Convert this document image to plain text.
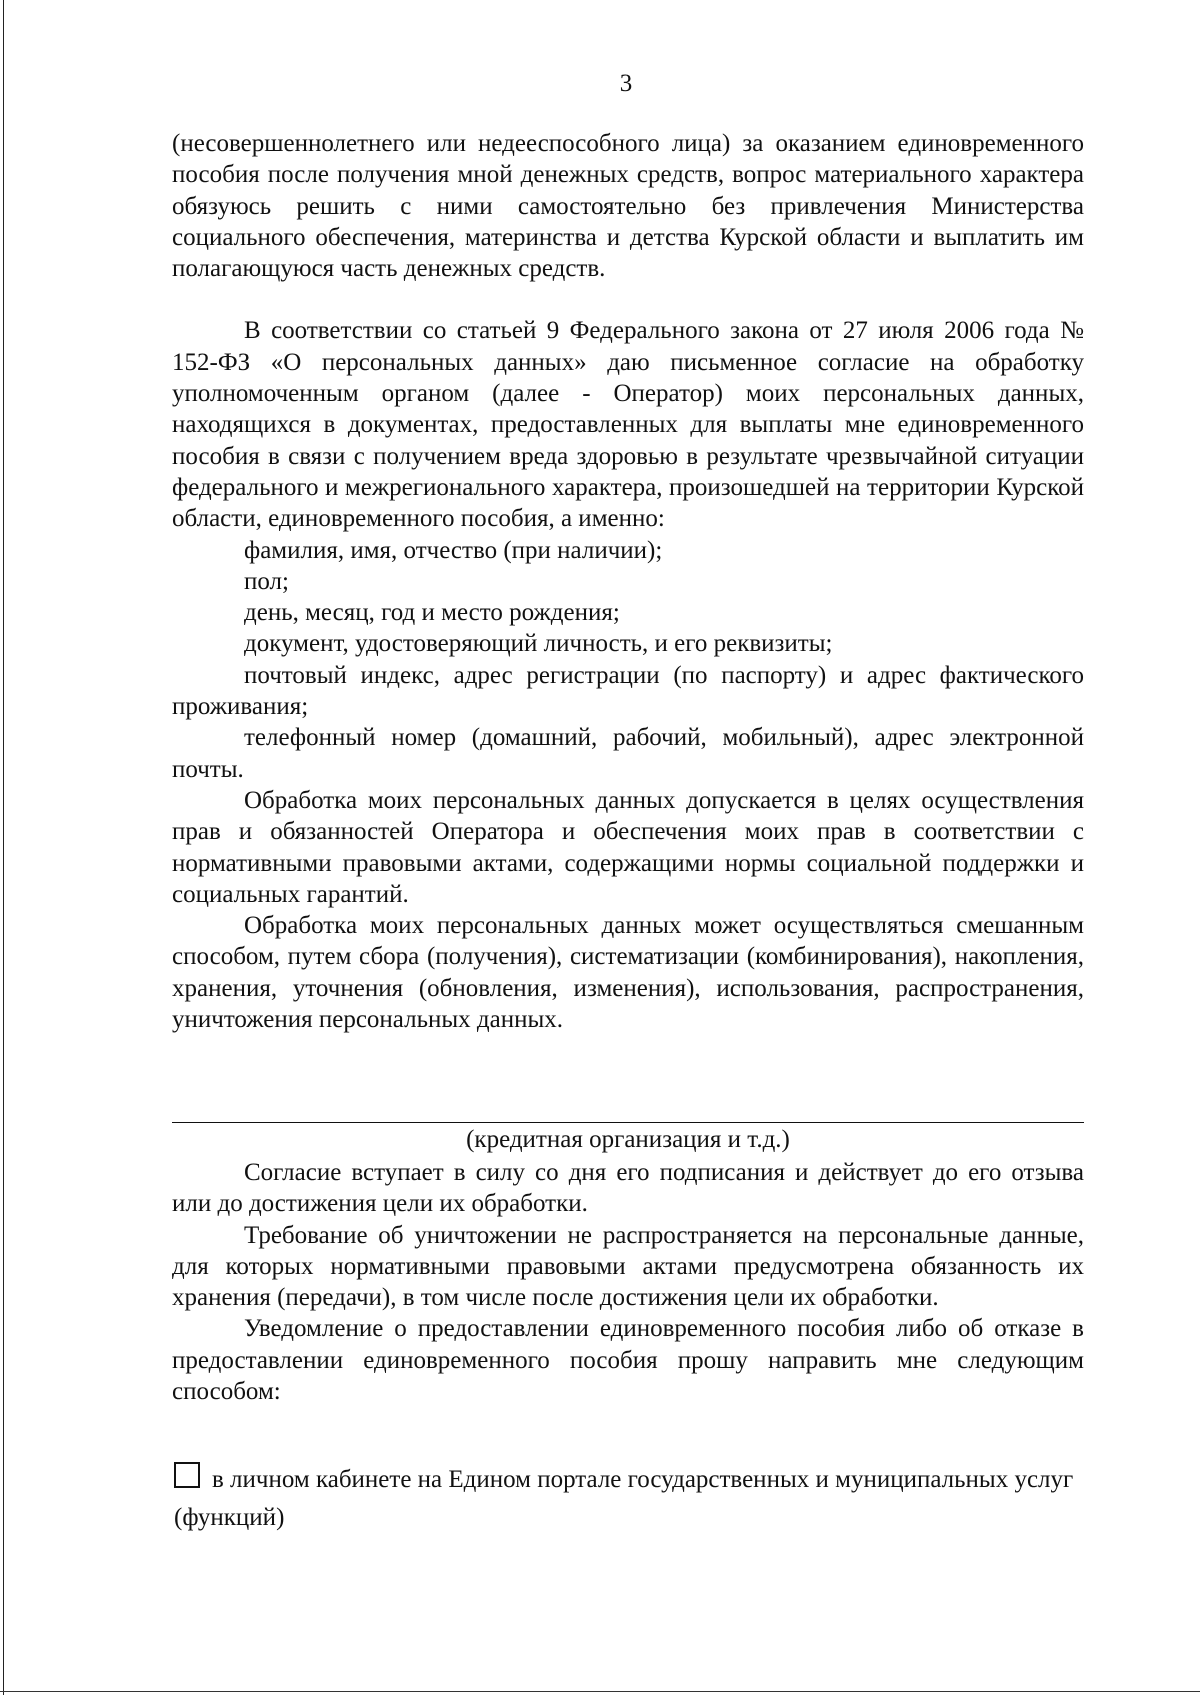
3

(несовершеннолетнего или недееспособного лица) за оказанием единовременного пособия после получения мной денежных средств, вопрос материального характера обязуюсь решить с ними самостоятельно без привлечения Министерства социального обеспечения, материнства и детства Курской области и выплатить им полагающуюся часть денежных средств.

В соответствии со статьей 9 Федерального закона от 27 июля 2006 года № 152-ФЗ «О персональных данных» даю письменное согласие на обработку уполномоченным органом (далее - Оператор) моих персональных данных, находящихся в документах, предоставленных для выплаты мне единовременного пособия в связи с получением вреда здоровью в результате чрезвычайной ситуации федерального и межрегионального характера, произошедшей на территории Курской области, единовременного пособия, а именно:

фамилия, имя, отчество (при наличии);

пол;

день, месяц, год и место рождения;

документ, удостоверяющий личность, и его реквизиты;

почтовый индекс, адрес регистрации (по паспорту) и адрес фактического проживания;

телефонный номер (домашний, рабочий, мобильный), адрес электронной почты.

Обработка моих персональных данных допускается в целях осуществления прав и обязанностей Оператора и обеспечения моих прав в соответствии с нормативными правовыми актами, содержащими нормы социальной поддержки и социальных гарантий.

Обработка моих персональных данных может осуществляться смешанным способом, путем сбора (получения), систематизации (комбинирования), накопления, хранения, уточнения (обновления, изменения), использования, распространения, уничтожения персональных данных.

(кредитная организация и т.д.)

Согласие вступает в силу со дня его подписания и действует до его отзыва или до достижения цели их обработки.

Требование об уничтожении не распространяется на персональные данные, для которых нормативными правовыми актами предусмотрена обязанность их хранения (передачи), в том числе после достижения цели их обработки.

Уведомление о предоставлении единовременного пособия либо об отказе в предоставлении единовременного пособия прошу направить мне следующим способом:

в личном кабинете на Едином портале государственных и муниципальных услуг (функций)
